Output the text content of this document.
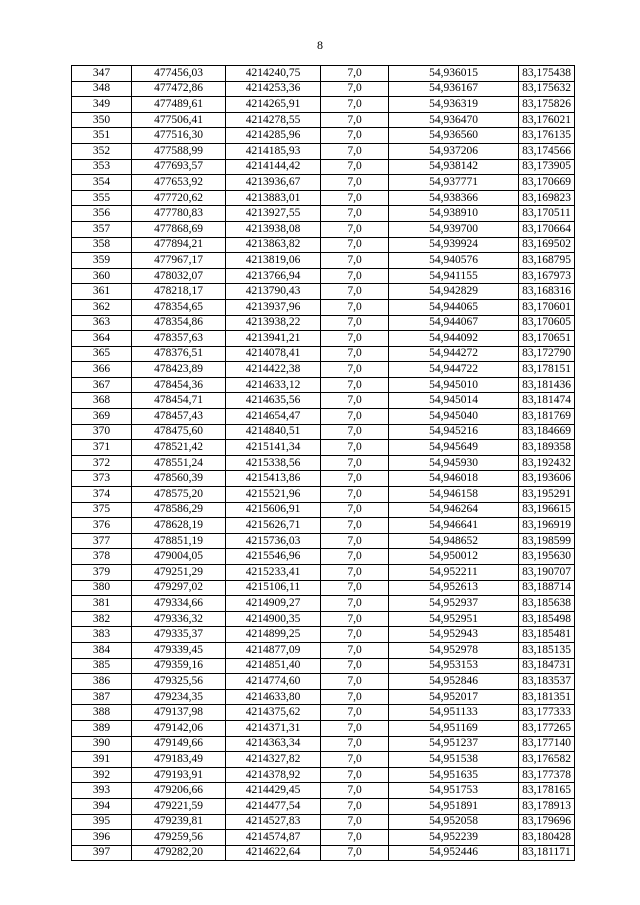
8
347	477456,03	4214240,75	7,0	54,936015	83,175438
348	477472,86	4214253,36	7,0	54,936167	83,175632
349	477489,61	4214265,91	7,0	54,936319	83,175826
350	477506,41	4214278,55	7,0	54,936470	83,176021
351	477516,30	4214285,96	7,0	54,936560	83,176135
352	477588,99	4214185,93	7,0	54,937206	83,174566
353	477693,57	4214144,42	7,0	54,938142	83,173905
354	477653,92	4213936,67	7,0	54,937771	83,170669
355	477720,62	4213883,01	7,0	54,938366	83,169823
356	477780,83	4213927,55	7,0	54,938910	83,170511
357	477868,69	4213938,08	7,0	54,939700	83,170664
358	477894,21	4213863,82	7,0	54,939924	83,169502
359	477967,17	4213819,06	7,0	54,940576	83,168795
360	478032,07	4213766,94	7,0	54,941155	83,167973
361	478218,17	4213790,43	7,0	54,942829	83,168316
362	478354,65	4213937,96	7,0	54,944065	83,170601
363	478354,86	4213938,22	7,0	54,944067	83,170605
364	478357,63	4213941,21	7,0	54,944092	83,170651
365	478376,51	4214078,41	7,0	54,944272	83,172790
366	478423,89	4214422,38	7,0	54,944722	83,178151
367	478454,36	4214633,12	7,0	54,945010	83,181436
368	478454,71	4214635,56	7,0	54,945014	83,181474
369	478457,43	4214654,47	7,0	54,945040	83,181769
370	478475,60	4214840,51	7,0	54,945216	83,184669
371	478521,42	4215141,34	7,0	54,945649	83,189358
372	478551,24	4215338,56	7,0	54,945930	83,192432
373	478560,39	4215413,86	7,0	54,946018	83,193606
374	478575,20	4215521,96	7,0	54,946158	83,195291
375	478586,29	4215606,91	7,0	54,946264	83,196615
376	478628,19	4215626,71	7,0	54,946641	83,196919
377	478851,19	4215736,03	7,0	54,948652	83,198599
378	479004,05	4215546,96	7,0	54,950012	83,195630
379	479251,29	4215233,41	7,0	54,952211	83,190707
380	479297,02	4215106,11	7,0	54,952613	83,188714
381	479334,66	4214909,27	7,0	54,952937	83,185638
382	479336,32	4214900,35	7,0	54,952951	83,185498
383	479335,37	4214899,25	7,0	54,952943	83,185481
384	479339,45	4214877,09	7,0	54,952978	83,185135
385	479359,16	4214851,40	7,0	54,953153	83,184731
386	479325,56	4214774,60	7,0	54,952846	83,183537
387	479234,35	4214633,80	7,0	54,952017	83,181351
388	479137,98	4214375,62	7,0	54,951133	83,177333
389	479142,06	4214371,31	7,0	54,951169	83,177265
390	479149,66	4214363,34	7,0	54,951237	83,177140
391	479183,49	4214327,82	7,0	54,951538	83,176582
392	479193,91	4214378,92	7,0	54,951635	83,177378
393	479206,66	4214429,45	7,0	54,951753	83,178165
394	479221,59	4214477,54	7,0	54,951891	83,178913
395	479239,81	4214527,83	7,0	54,952058	83,179696
396	479259,56	4214574,87	7,0	54,952239	83,180428
397	479282,20	4214622,64	7,0	54,952446	83,181171
